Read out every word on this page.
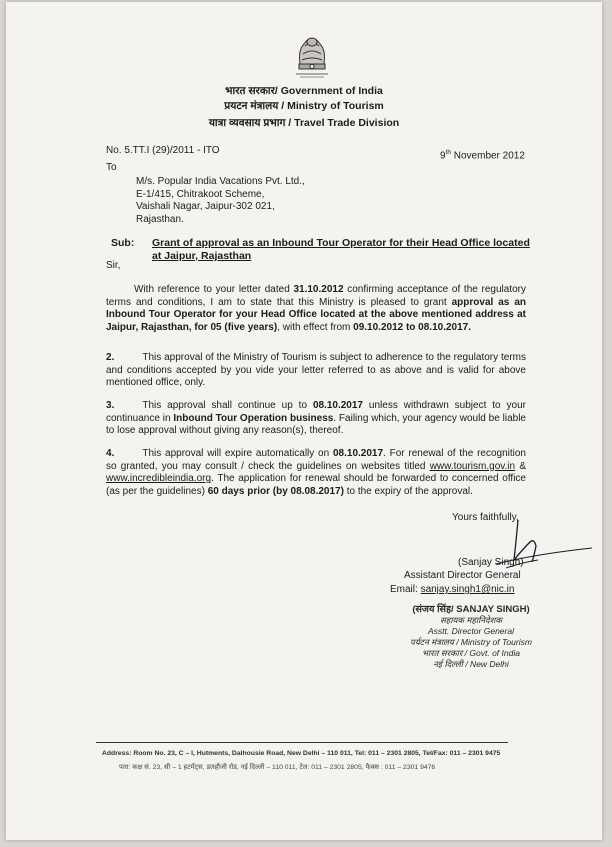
भारत सरकार/ Government of India
प्रयटन मंत्रालय / Ministry of Tourism
यात्रा व्यवसाय प्रभाग / Travel Trade Division
No. 5.TT.I (29)/2011 - ITO	9th November 2012
To
M/s. Popular India Vacations Pvt. Ltd.,
E-1/415, Chitrakoot Scheme,
Vaishali Nagar, Jaipur-302 021,
Rajasthan.
Sub: Grant of approval as an Inbound Tour Operator for their Head Office located at Jaipur, Rajasthan
Sir,
With reference to your letter dated 31.10.2012 confirming acceptance of the regulatory terms and conditions, I am to state that this Ministry is pleased to grant approval as an Inbound Tour Operator for your Head Office located at the above mentioned address at Jaipur, Rajasthan, for 05 (five years), with effect from 09.10.2012 to 08.10.2017.
2.	This approval of the Ministry of Tourism is subject to adherence to the regulatory terms and conditions accepted by you vide your letter referred to as above and is valid for above mentioned office, only.
3.	This approval shall continue up to 08.10.2017 unless withdrawn subject to your continuance in Inbound Tour Operation business. Failing which, your agency would be liable to lose approval without giving any reason(s), thereof.
4.	This approval will expire automatically on 08.10.2017. For renewal of the recognition so granted, you may consult / check the guidelines on websites titled www.tourism.gov.in & www.incredibleindia.org. The application for renewal should be forwarded to concerned office (as per the guidelines) 60 days prior (by 08.08.2017) to the expiry of the approval.
Yours faithfully,
(Sanjay Singh)
Assistant Director General
Email: sanjay.singh1@nic.in
(संजय सिंह/ SANJAY SINGH)
सहायक महानिदेशक
Asstt. Director General
पर्यटन मंत्रालय / Ministry of Tourism
भारत सरकार / Govt. of India
नई दिल्ली / New Delhi
Address: Room No. 23, C – I, Hutments, Dalhousie Road, New Delhi – 110 011, Tel: 011 – 2301 2805, Tel/Fax: 011 – 2301 9475
पता: कक्ष सं. 23, सी – 1 हटमेंट्स, डलहौजी रोड, नई दिल्ली – 110 011, टेल: 011 – 2301 2805, फैक्स : 011 – 2301 9476
